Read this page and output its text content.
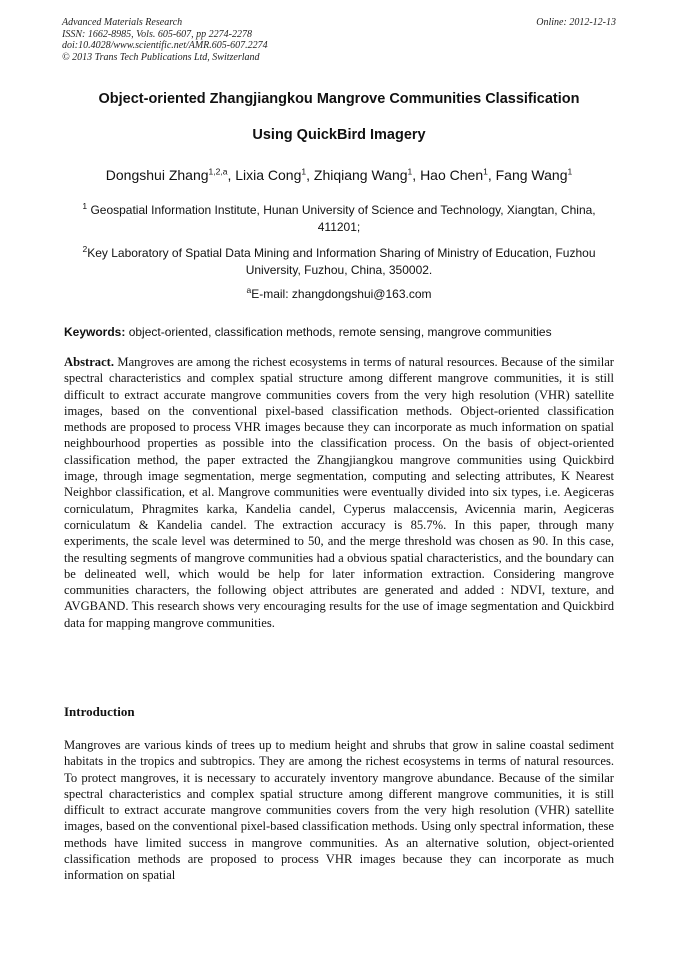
Advanced Materials Research
ISSN: 1662-8985, Vols. 605-607, pp 2274-2278
doi:10.4028/www.scientific.net/AMR.605-607.2274
© 2013 Trans Tech Publications Ltd, Switzerland
Online: 2012-12-13
Object-oriented Zhangjiangkou Mangrove Communities Classification
Using QuickBird Imagery
Dongshui Zhang$^{1,2,a}$, Lixia Cong$^1$, Zhiqiang Wang$^1$, Hao Chen$^1$, Fang Wang$^1$
$^1$ Geospatial Information Institute, Hunan University of Science and Technology, Xiangtan, China, 411201;
$^2$Key Laboratory of Spatial Data Mining and Information Sharing of Ministry of Education, Fuzhou University, Fuzhou, China, 350002.
$^a$E-mail: zhangdongshui@163.com
Keywords: object-oriented, classification methods, remote sensing, mangrove communities
Abstract. Mangroves are among the richest ecosystems in terms of natural resources. Because of the similar spectral characteristics and complex spatial structure among different mangrove communities, it is still difficult to extract accurate mangrove communities covers from the very high resolution (VHR) satellite images, based on the conventional pixel-based classification methods. Object-oriented classification methods are proposed to process VHR images because they can incorporate as much information on spatial neighbourhood properties as possible into the classification process. On the basis of object-oriented classification method, the paper extracted the Zhangjiangkou mangrove communities using Quickbird image, through image segmentation, merge segmentation, computing and selecting attributes, K Nearest Neighbor classification, et al. Mangrove communities were eventually divided into six types, i.e. Aegiceras corniculatum, Phragmites karka, Kandelia candel, Cyperus malaccensis, Avicennia marin, Aegiceras corniculatum & Kandelia candel. The extraction accuracy is 85.7%. In this paper, through many experiments, the scale level was determined to 50, and the merge threshold was chosen as 90. In this case, the resulting segments of mangrove communities had a obvious spatial characteristics, and the boundary can be delineated well, which would be help for later information extraction. Considering mangrove communities characters, the following object attributes are generated and added : NDVI, texture, and AVGBAND. This research shows very encouraging results for the use of image segmentation and Quickbird data for mapping mangrove communities.
Introduction
Mangroves are various kinds of trees up to medium height and shrubs that grow in saline coastal sediment habitats in the tropics and subtropics. They are among the richest ecosystems in terms of natural resources. To protect mangroves, it is necessary to accurately inventory mangrove abundance. Because of the similar spectral characteristics and complex spatial structure among different mangrove communities, it is still difficult to extract accurate mangrove communities covers from the very high resolution (VHR) satellite images, based on the conventional pixel-based classification methods. Using only spectral information, these methods have limited success in mangrove communities. As an alternative solution, object-oriented classification methods are proposed to process VHR images because they can incorporate as much information on spatial
